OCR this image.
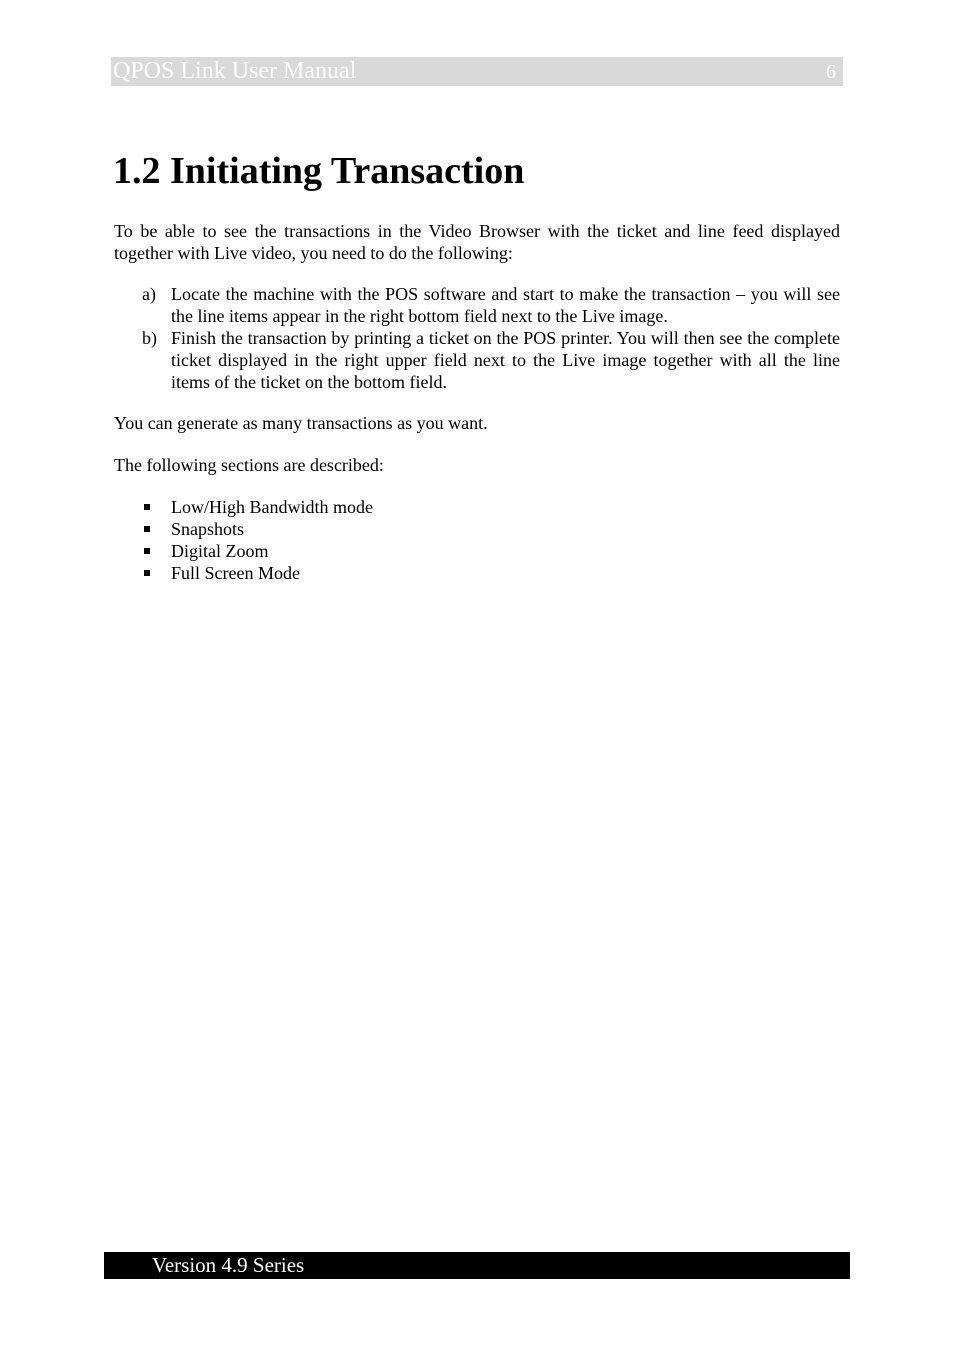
QPOS Link User Manual	6
1.2 Initiating Transaction

To be able to see the transactions in the Video Browser with the ticket and line feed displayed together with Live video, you need to do the following:

a) Locate the machine with the POS software and start to make the transaction – you will see the line items appear in the right bottom field next to the Live image.
b) Finish the transaction by printing a ticket on the POS printer. You will then see the complete ticket displayed in the right upper field next to the Live image together with all the line items of the ticket on the bottom field.

You can generate as many transactions as you want.

The following sections are described:

Low/High Bandwidth mode
Snapshots
Digital Zoom
Full Screen Mode
Version 4.9 Series
